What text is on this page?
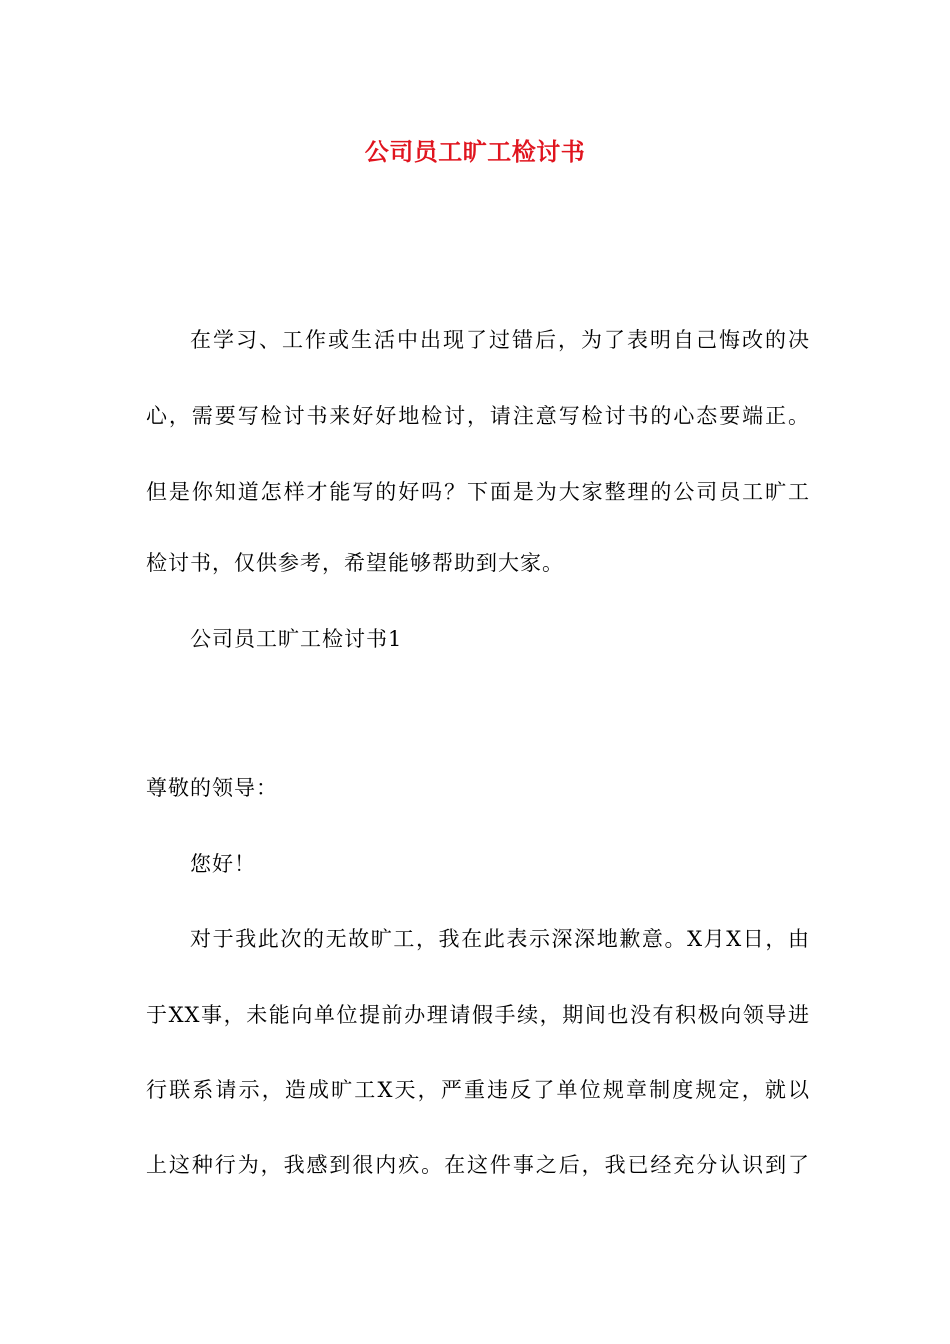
公司员工旷工检讨书
在学习、工作或生活中出现了过错后，为了表明自己悔改的决
心，需要写检讨书来好好地检讨，请注意写检讨书的心态要端正。
但是你知道怎样才能写的好吗？下面是为大家整理的公司员工旷工
检讨书，仅供参考，希望能够帮助到大家。
公司员工旷工检讨书1
尊敬的领导：
您好！
对于我此次的无故旷工，我在此表示深深地歉意。X月X日，由
于XX事，未能向单位提前办理请假手续，期间也没有积极向领导进
行联系请示，造成旷工X天，严重违反了单位规章制度规定，就以
上这种行为，我感到很内疚。在这件事之后，我已经充分认识到了
